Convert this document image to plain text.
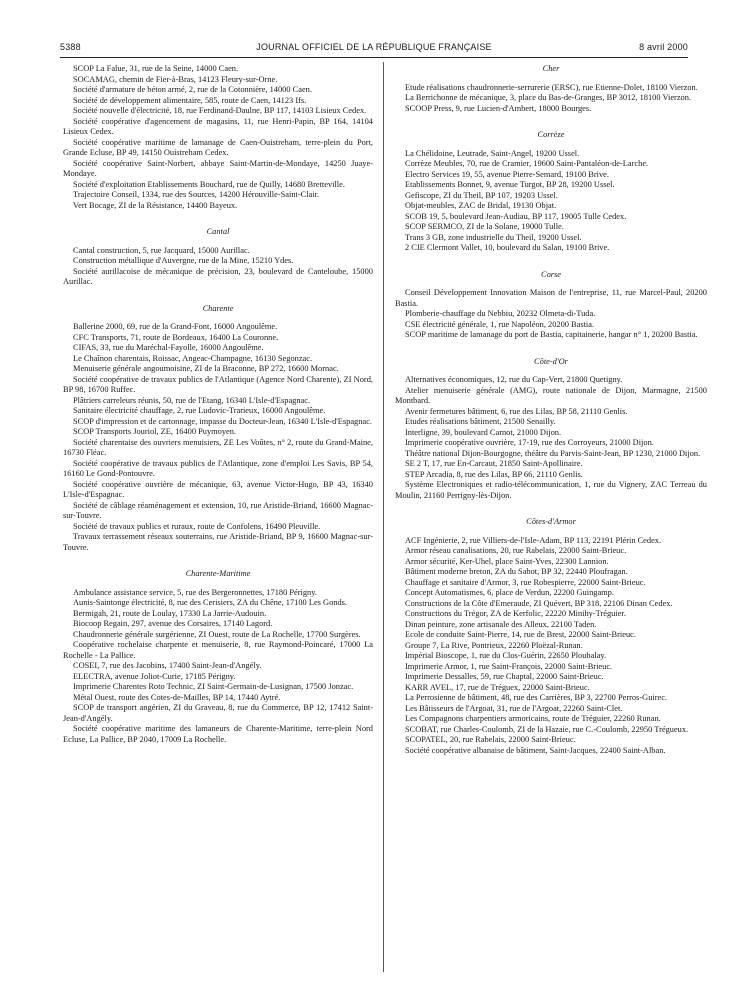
5388	JOURNAL OFFICIEL DE LA RÉPUBLIQUE FRANÇAISE	8 avril 2000

SCOP La Falue, 31, rue de la Seine, 14000 Caen.

SOCAMAG, chemin de Fier-à-Bras, 14123 Fleury-sur-Orne.

Société d'armature de béton armé, 2, rue de la Cotonnière, 14000 Caen.

Société de développement alimentaire, 585, route de Caen, 14123 Ifs.

Société nouvelle d'électricité, 18, rue Ferdinand-Daulne, BP 117, 14103 Lisieux Cedex.

Société coopérative d'agencement de magasins, 11, rue Henri-Papin, BP 164, 14104 Lisieux Cedex.

Société coopérative maritime de lamanage de Caen-Ouistreham, terre-plein du Port, Grande Ecluse, BP 49, 14150 Ouistreham Cedex.

Société coopérative Saint-Norbert, abbaye Saint-Martin-de-Mondaye, 14250 Juaye-Mondaye.

Société d'exploitation Etablissements Bouchard, rue de Quilly, 14680 Bretteville.

Trajectoire Conseil, 1334, rue des Sources, 14200 Hérouville-Saint-Clair.

Vert Bocage, ZI de la Résistance, 14400 Bayeux.

Cantal

Cantal construction, 5, rue Jacquard, 15000 Aurillac.

Construction métallique d'Auvergne, rue de la Mine, 15210 Ydes.

Société aurillacoise de mécanique de précision, 23, boulevard de Canteloube, 15000 Aurillac.

Charente

Ballerine 2000, 69, rue de la Grand-Font, 16000 Angoulême.

CFC Transports, 71, route de Bordeaux, 16400 La Couronne.

CIFAS, 33, rue du Maréchal-Fayolle, 16000 Angoulême.

Le Chaînon charentais, Roissac, Angeac-Champagne, 16130 Segonzac.

Menuiserie générale angoumoisine, ZI de la Braconne, BP 272, 16600 Mornac.

Société coopérative de travaux publics de l'Atlantique (Agence Nord Charente), ZI Nord, BP 98, 16700 Ruffec.

Plâtriers carreleurs réunis, 50, rue de l'Etang, 16340 L'Isle-d'Espagnac.

Sanitaire électricité chauffage, 2, rue Ludovic-Trarieux, 16000 Angoulême.

SCOP d'impression et de cartonnage, impasse du Docteur-Jean, 16340 L'Isle-d'Espagnac.

SCOP Transports Jouriol, ZE, 16400 Puymoyen.

Société charentaise des ouvriers menuisiers, ZE Les Voûtes, n° 2, route du Grand-Maine, 16730 Fléac.

Société coopérative de travaux publics de l'Atlantique, zone d'emploi Les Savis, BP 54, 16160 Le Gond-Pontouvre.

Société coopérative ouvrière de mécanique, 63, avenue Victor-Hugo, BP 43, 16340 L'Isle-d'Espagnac.

Société de câblage réaménagement et extension, 10, rue Aristide-Briand, 16600 Magnac-sur-Touvre.

Société de travaux publics et ruraux, route de Confolens, 16490 Pleuville.

Travaux terrassement réseaux souterrains, rue Aristide-Briand, BP 9, 16600 Magnac-sur-Touvre.

Charente-Maritime

Ambulance assistance service, 5, rue des Bergeronnettes, 17180 Périgny.

Aunis-Saintonge électricité, 8, rue des Cerisiers, ZA du Chêne, 17100 Les Gonds.

Bermigah, 21, route de Loulay, 17330 La Jarrie-Audouin.

Biocoop Regain, 297, avenue des Corsaires, 17140 Lagord.

Chaudronnerie générale surgérienne, ZI Ouest, route de La Rochelle, 17700 Surgères.

Coopérative rochelaise charpente et menuiserie, 8, rue Raymond-Poincaré, 17000 La Rochelle - La Pallice.

COSEI, 7, rue des Jacobins, 17400 Saint-Jean-d'Angély.

ELECTRA, avenue Joliot-Curie, 17185 Périgny.

Imprimerie Charentes Roto Technic, ZI Saint-Germain-de-Lusignan, 17500 Jonzac.

Métal Ouest, route des Cotes-de-Mailles, BP 14, 17440 Aytré.

SCOP de transport angérien, ZI du Graveau, 8, rue du Commerce, BP 12, 17412 Saint-Jean-d'Angély.

Société coopérative maritime des lamaneurs de Charente-Maritime, terre-plein Nord Ecluse, La Pallice, BP 2040, 17009 La Rochelle.

Cher

Etude réalisations chaudronnerie-serrurerie (ERSC), rue Etienne-Dolet, 18100 Vierzon.

La Berrichonne de mécanique, 3, place du Bas-de-Granges, BP 3012, 18100 Vierzon.

SCOOP Press, 9, rue Lucien-d'Ambert, 18000 Bourges.

Corrèze

La Chélidoine, Leutrade, Saint-Angel, 19200 Ussel.

Corrèze Meubles, 70, rue de Cramier, 19600 Saint-Pantaléon-de-Larche.

Electro Services 19, 55, avenue Pierre-Semard, 19100 Brive.

Etablissements Bonnet, 9, avenue Turgot, BP 28, 19200 Ussel.

Gefiscope, ZI du Theil, BP 107, 19203 Ussel.

Objat-meubles, ZAC de Bridal, 19130 Objat.

SCOB 19, 5, boulevard Jean-Audiau, BP 117, 19005 Tulle Cedex.

SCOP SERMCO, ZI de la Solane, 19000 Tulle.

Trans 3 GB, zone industrielle du Theil, 19200 Ussel.

2 CIE Clermont Vallet, 10, boulevard du Salan, 19100 Brive.

Corse

Conseil Développement Innovation Maison de l'entreprise, 11, rue Marcel-Paul, 20200 Bastia.

Plomberie-chauffage du Nebbiu, 20232 Olmeta-di-Tuda.

CSE électricité générale, 1, rue Napoléon, 20200 Bastia.

SCOP maritime de lamanage du port de Bastia, capitainerie, hangar n° 1, 20200 Bastia.

Côte-d'Or

Alternatives économiques, 12, rue du Cap-Vert, 21800 Quetigny.

Atelier menuiserie générale (AMG), route nationale de Dijon, Marmagne, 21500 Montbard.

Avenir fermetures bâtiment, 6, rue des Lilas, BP 58, 21110 Genlis.

Etudes réalisations bâtiment, 21500 Senailly.

Interligne, 39, boulevard Carnot, 21000 Dijon.

Imprimerie coopérative ouvrière, 17-19, rue des Corroyeurs, 21000 Dijon.

Théâtre national Dijon-Bourgogne, théâtre du Parvis-Saint-Jean, BP 1230, 21000 Dijon.

SE 2 T, 17, rue En-Carcaut, 21850 Saint-Apollinaire.

STEP Arcadia, 8, rue des Lilas, BP 66, 21110 Genlis.

Système Electroniques et radio-télécommunication, 1, rue du Vignery, ZAC Terreau du Moulin, 21160 Perrigny-lès-Dijon.

Côtes-d'Armor

ACF Ingénierie, 2, rue Villiers-de-l'Isle-Adam, BP 113, 22191 Plérin Cedex.

Armor réseau canalisations, 20, rue Rabelais, 22000 Saint-Brieuc.

Armor sécurité, Ker-Uhel, place Saint-Yves, 22300 Lannion.

Bâtiment moderne breton, ZA du Sabot, BP 32, 22440 Ploufragan.

Chauffage et sanitaire d'Armor, 3, rue Robespierre, 22000 Saint-Brieuc.

Concept Automatismes, 6, place de Verdun, 22200 Guingamp.

Constructions de la Côte d'Emeraude, ZI Quévert, BP 318, 22106 Dinan Cedex.

Constructions du Trégor, ZA de Kerfolic, 22220 Minihy-Tréguier.

Dinan peinture, zone artisanale des Alleux, 22100 Taden.

Ecole de conduite Saint-Pierre, 14, rue de Brest, 22000 Saint-Brieuc.

Groupe 7, La Rive, Pontrieux, 22260 Ploëzal-Runan.

Impérial Bioscope, 1, rue du Clos-Guérin, 22650 Ploubalay.

Imprimerie Armor, 1, rue Saint-François, 22000 Saint-Brieuc.

Imprimerie Dessalles, 59, rue Chaptal, 22000 Saint-Brieuc.

KARR AVEL, 17, rue de Tréguex, 22000 Saint-Brieuc.

La Perrosienne de bâtiment, 48, rue des Carrières, BP 3, 22700 Perros-Guirec.

Les Bâtisseurs de l'Argoat, 31, rue de l'Argoat, 22260 Saint-Clet.

Les Compagnons charpentiers armoricains, route de Tréguier, 22260 Runan.

SCOBAT, rue Charles-Coulomb, ZI de la Hazaie, rue C.-Coulomb, 22950 Trégueux.

SCOPATEL, 20, rue Rabelais, 22000 Saint-Brieuc.

Société coopérative albanaise de bâtiment, Saint-Jacques, 22400 Saint-Alban.
